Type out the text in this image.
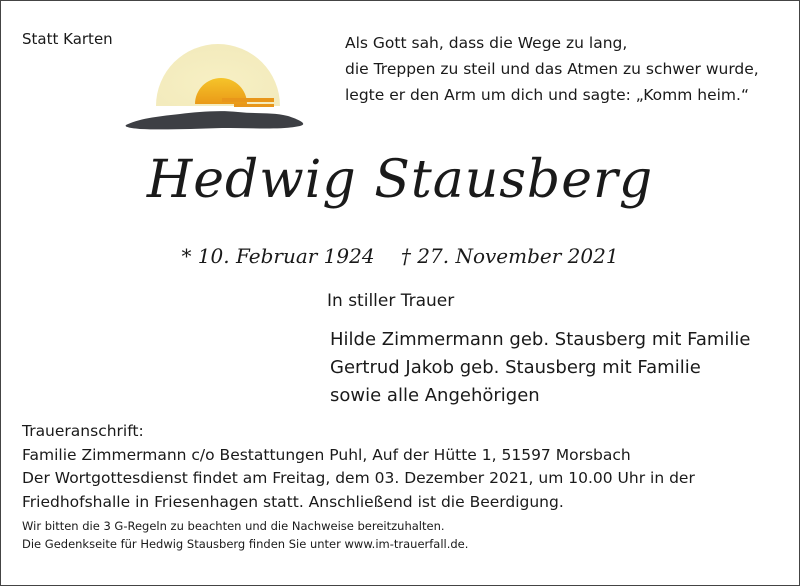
Statt Karten	Als Gott sah, dass die Wege zu lang,
die Treppen zu steil und das Atmen zu schwer wurde,
legte er den Arm um dich und sagte: „Komm heim.“
Hedwig Stausberg
* 10. Februar 1924 † 27. November 2021
In stiller Trauer
Hilde Zimmermann geb. Stausberg mit Familie
Gertrud Jakob geb. Stausberg mit Familie
sowie alle Angehörigen
Traueranschrift:
Familie Zimmermann c/o Bestattungen Puhl, Auf der Hütte 1, 51597 Morsbach
Der Wortgottesdienst findet am Freitag, dem 03. Dezember 2021, um 10.00 Uhr in der
Friedhofshalle in Friesenhagen statt. Anschließend ist die Beerdigung.
Wir bitten die 3 G-Regeln zu beachten und die Nachweise bereitzuhalten.
Die Gedenkseite für Hedwig Stausberg finden Sie unter www.im-trauerfall.de.
